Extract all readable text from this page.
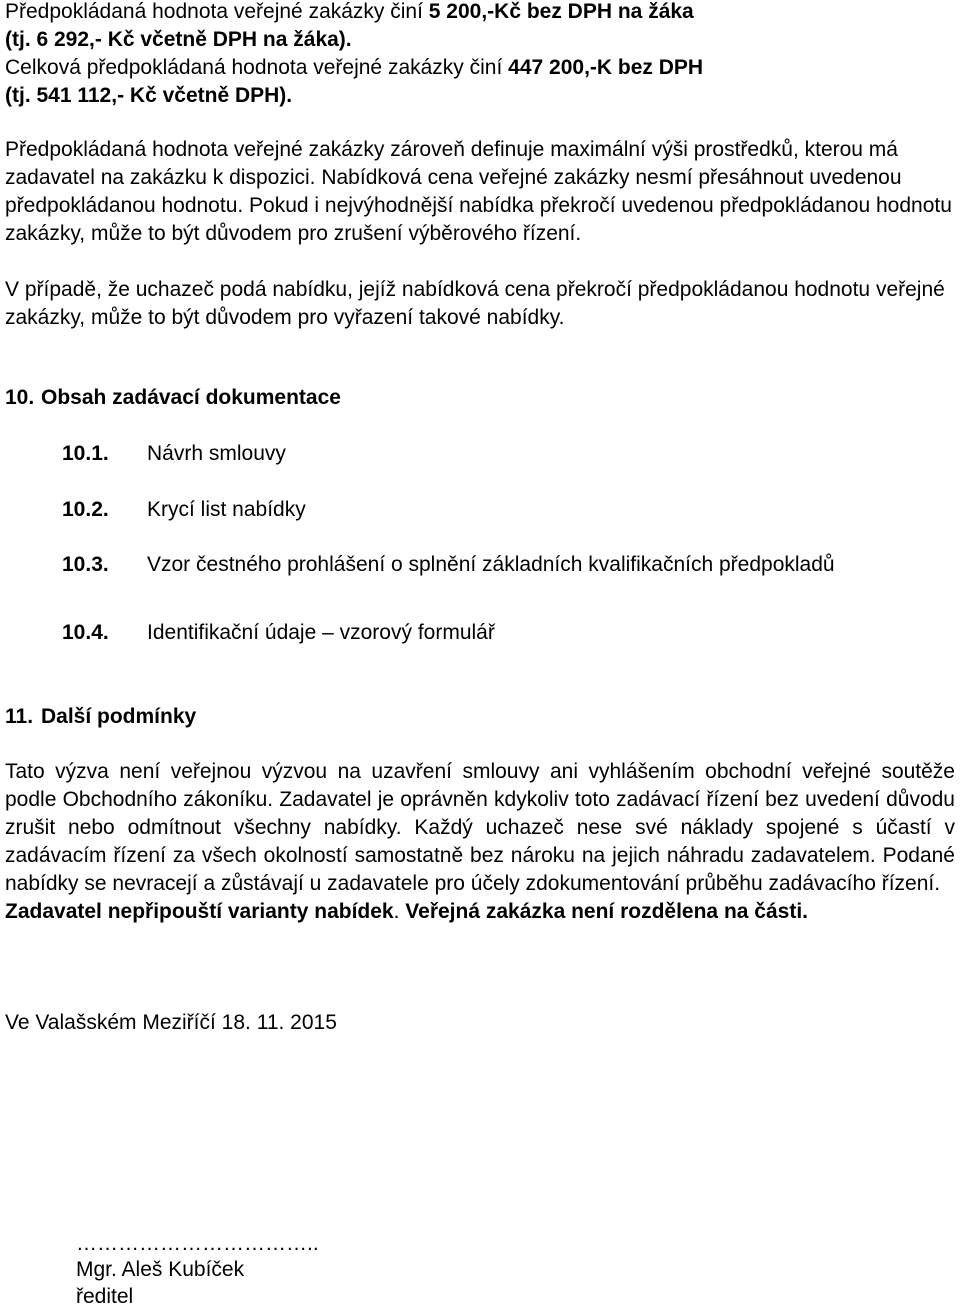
Předpokládaná hodnota veřejné zakázky činí 5 200,-Kč bez DPH na žáka
(tj. 6 292,- Kč včetně DPH na žáka).
Celková předpokládaná hodnota veřejné zakázky činí 447 200,-K bez DPH
(tj. 541 112,- Kč včetně DPH).
Předpokládaná hodnota veřejné zakázky zároveň definuje maximální výši prostředků, kterou má zadavatel na zakázku k dispozici. Nabídková cena veřejné zakázky nesmí přesáhnout uvedenou předpokládanou hodnotu. Pokud i nejvýhodnější nabídka překročí uvedenou předpokládanou hodnotu zakázky, může to být důvodem pro zrušení výběrového řízení.
V případě, že uchazeč podá nabídku, jejíž nabídková cena překročí předpokládanou hodnotu veřejné zakázky, může to být důvodem pro vyřazení takové nabídky.
10. Obsah zadávací dokumentace
10.1. Návrh smlouvy
10.2. Krycí list nabídky
10.3. Vzor čestného prohlášení o splnění základních kvalifikačních předpokladů
10.4. Identifikační údaje – vzorový formulář
11. Další podmínky
Tato výzva není veřejnou výzvou na uzavření smlouvy ani vyhlášením obchodní veřejné soutěže podle Obchodního zákoníku. Zadavatel je oprávněn kdykoliv toto zadávací řízení bez uvedení důvodu zrušit nebo odmítnout všechny nabídky. Každý uchazeč nese své náklady spojené s účastí v zadávacím řízení za všech okolností samostatně bez nároku na jejich náhradu zadavatelem. Podané nabídky se nevracejí a zůstávají u zadavatele pro účely zdokumentování průběhu zadávacího řízení.
Zadavatel nepřipouští varianty nabídek. Veřejná zakázka není rozdělena na části.
Ve Valašském Meziříčí 18. 11. 2015
……………………………..
Mgr. Aleš Kubíček
ředitel
